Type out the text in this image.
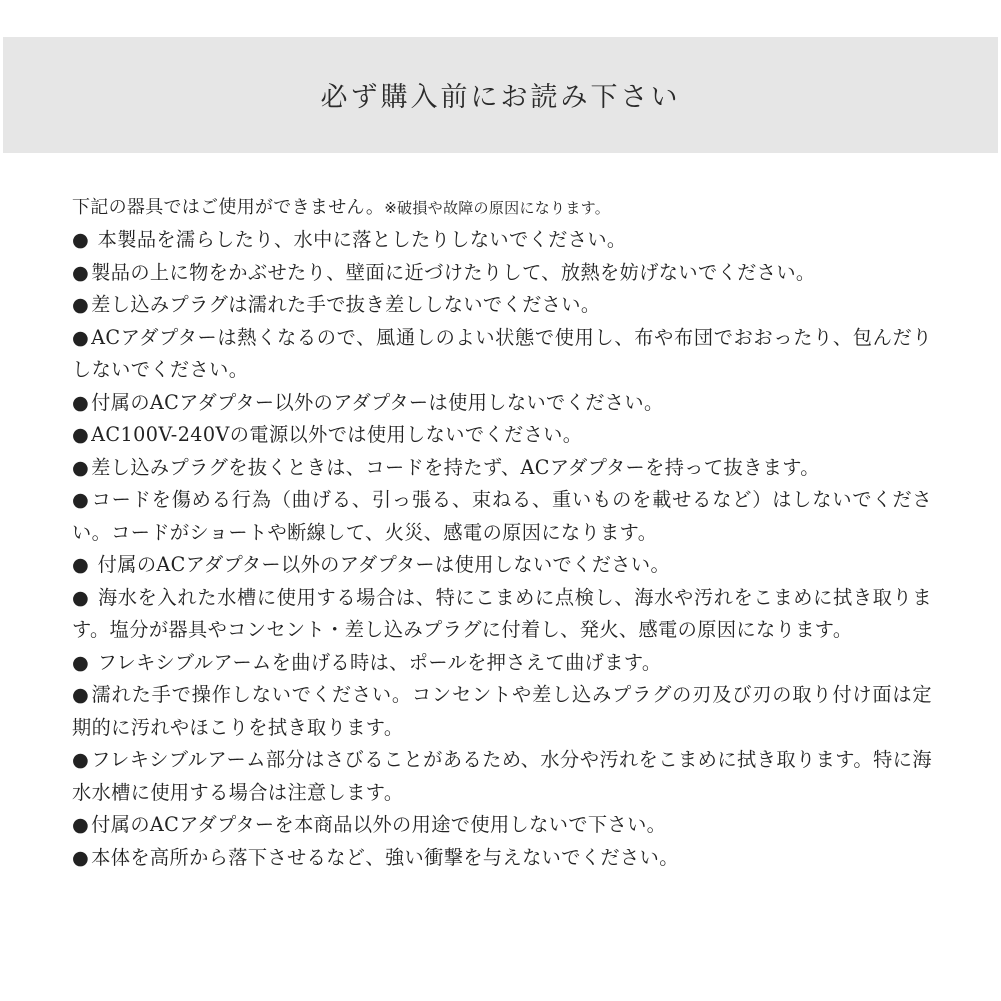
必ず購入前にお読み下さい
下記の器具ではご使用ができません。※破損や故障の原因になります。
● 本製品を濡らしたり、水中に落としたりしないでください。
● 製品の上に物をかぶせたり、壁面に近づけたりして、放熱を妨げないでください。
● 差し込みプラグは濡れた手で抜き差ししないでください。
● ACアダプターは熱くなるので、風通しのよい状態で使用し、布や布団でおおったり、包んだりしないでください。
● 付属のACアダプター以外のアダプターは使用しないでください。
● AC100V-240Vの電源以外では使用しないでください。
● 差し込みプラグを抜くときは、コードを持たず、ACアダプターを持って抜きます。
● コードを傷める行為（曲げる、引っ張る、束ねる、重いものを載せるなど）はしないでください。コードがショートや断線して、火災、感電の原因になります。
● 付属のACアダプター以外のアダプターは使用しないでください。
● 海水を入れた水槽に使用する場合は、特にこまめに点検し、海水や汚れをこまめに拭き取ります。塩分が器具やコンセント・差し込みプラグに付着し、発火、感電の原因になります。
● フレキシブルアームを曲げる時は、ポールを押さえて曲げます。
● 濡れた手で操作しないでください。コンセントや差し込みプラグの刃及び刃の取り付け面は定期的に汚れやほこりを拭き取ります。
● フレキシブルアーム部分はさびることがあるため、水分や汚れをこまめに拭き取ります。特に海水水槽に使用する場合は注意します。
● 付属のACアダプターを本商品以外の用途で使用しないで下さい。
● 本体を高所から落下させるなど、強い衝撃を与えないでください。
